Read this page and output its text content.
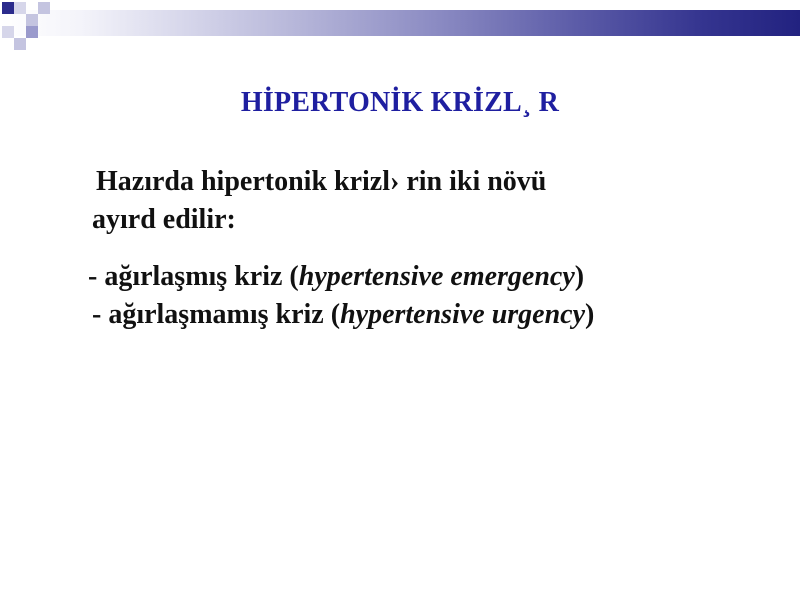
HİPERTONİK KRİZL¸ R

Hazırda hipertonik krizl› rin iki növü
ayırd edilir:

- ağırlaşmış kriz (hypertensive emergency)

- ağırlaşmamış kriz (hypertensive urgency)
